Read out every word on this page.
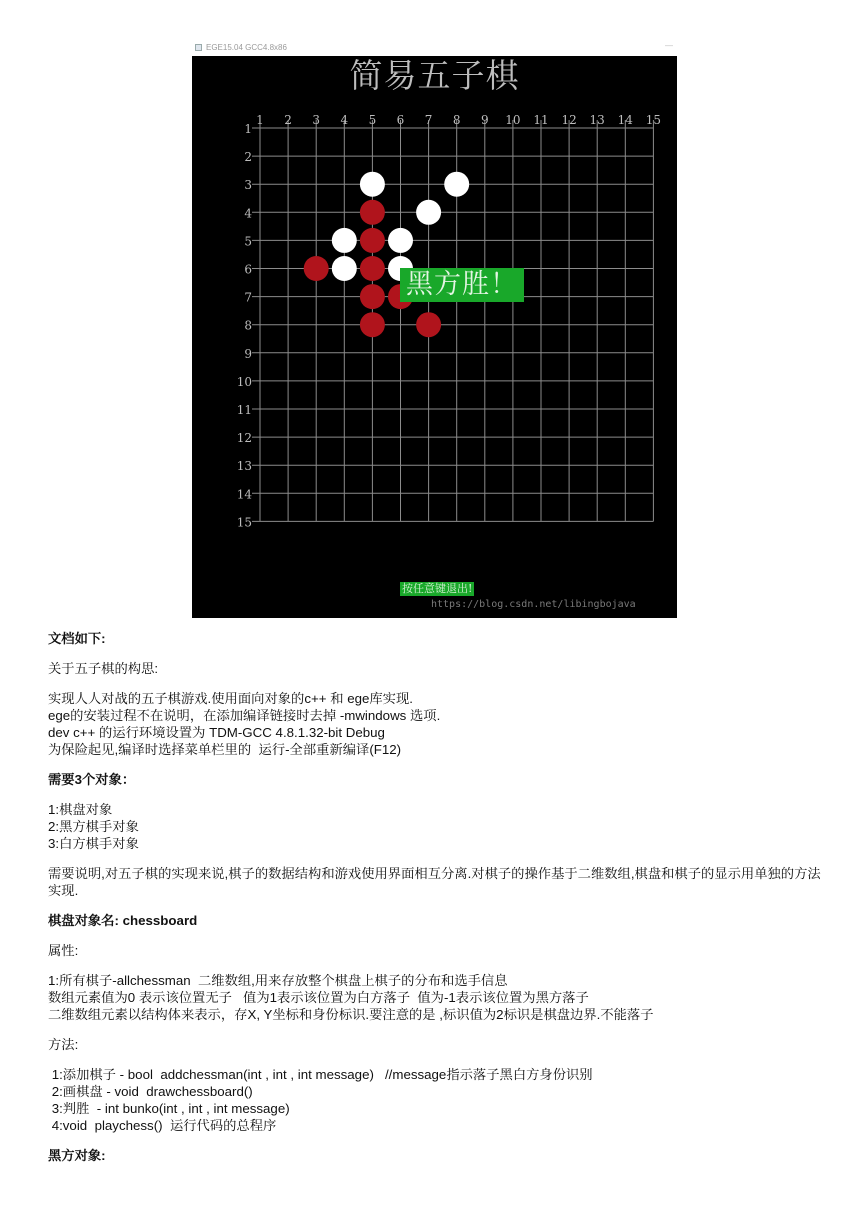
EGE15.04 GCC4.8x86	—
简易五子棋
1 2 3 4 5 6 7 8 9 10 11 12 13 14 15
1
2
3
4
5
6
7
8
9
10
11
12
13
14
15
黑方胜！
按任意键退出!
https://blog.csdn.net/libingbojava

文档如下:

关于五子棋的构思:

实现人人对战的五子棋游戏.使用面向对象的c++ 和 ege库实现.

ege的安装过程不在说明，在添加编译链接时去掉 -mwindows 选项.

dev c++ 的运行环境设置为 TDM-GCC 4.8.1.32-bit Debug

为保险起见,编译时选择菜单栏里的  运行-全部重新编译(F12)

需要3个对象：

1:棋盘对象

2:黑方棋手对象

3:白方棋手对象

需要说明,对五子棋的实现来说,棋子的数据结构和游戏使用界面相互分离.对棋子的操作基于二维数组,棋盘和棋子的显示用单独的方法实现.

棋盘对象名: chessboard

属性:

1:所有棋子-allchessman  二维数组,用来存放整个棋盘上棋子的分布和选手信息

数组元素值为0 表示该位置无子   值为1表示该位置为白方落子  值为-1表示该位置为黑方落子

二维数组元素以结构体来表示，存X, Y坐标和身份标识.要注意的是 ,标识值为2标识是棋盘边界.不能落子

方法:

1:添加棋子 - bool  addchessman(int , int , int message)   //message指示落子黑白方身份识别

2:画棋盘 - void  drawchessboard()

3:判胜  - int bunko(int , int , int message)

4:void  playchess()  运行代码的总程序

黑方对象:
